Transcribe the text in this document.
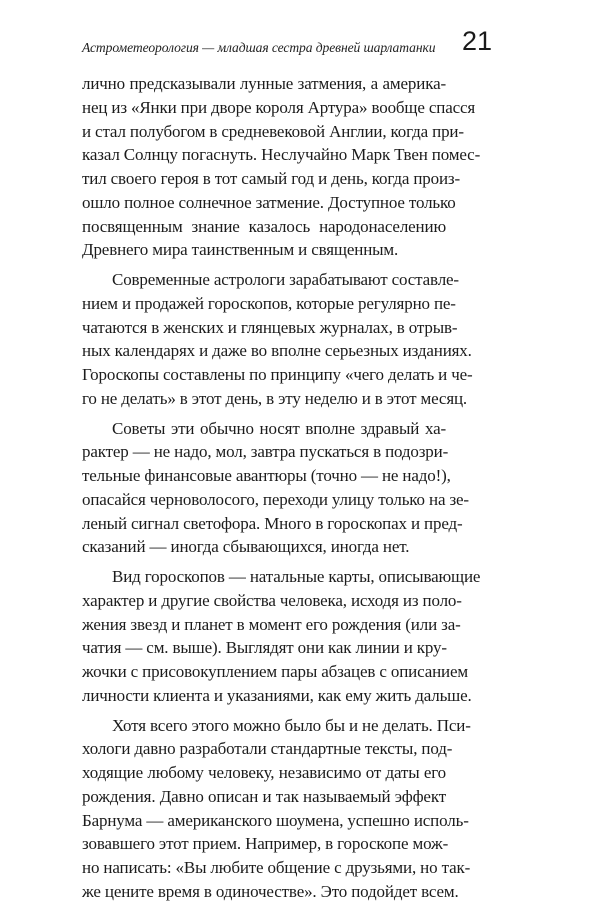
Астрометеорология — младшая сестра древней шарлатанки 21
лично предсказывали лунные затмения, а америка-
нец из «Янки при дворе короля Артура» вообще спасся
и стал полубогом в средневековой Англии, когда при-
казал Солнцу погаснуть. Неслучайно Марк Твен помес-
тил своего героя в тот самый год и день, когда произ-
ошло полное солнечное затмение. Доступное только
посвященным знание казалось народонаселению
Древнего мира таинственным и священным.
Современные астрологи зарабатывают составле-
нием и продажей гороскопов, которые регулярно пе-
чатаются в женских и глянцевых журналах, в отрыв-
ных календарях и даже во вполне серьезных изданиях.
Гороскопы составлены по принципу «чего делать и че-
го не делать» в этот день, в эту неделю и в этот месяц.
Советы эти обычно носят вполне здравый ха-
рактер — не надо, мол, завтра пускаться в подозри-
тельные финансовые авантюры (точно — не надо!),
опасайся черноволосого, переходи улицу только на зе-
леный сигнал светофора. Много в гороскопах и пред-
сказаний — иногда сбывающихся, иногда нет.
Вид гороскопов — натальные карты, описывающие
характер и другие свойства человека, исходя из поло-
жения звезд и планет в момент его рождения (или за-
чатия — см. выше). Выглядят они как линии и кру-
жочки с присовокуплением пары абзацев с описанием
личности клиента и указаниями, как ему жить дальше.
Хотя всего этого можно было бы и не делать. Пси-
хологи давно разработали стандартные тексты, под-
ходящие любому человеку, независимо от даты его
рождения. Давно описан и так называемый эффект
Барнума — американского шоумена, успешно исполь-
зовавшего этот прием. Например, в гороскопе мож-
но написать: «Вы любите общение с друзьями, но так-
же цените время в одиночестве». Это подойдет всем.
